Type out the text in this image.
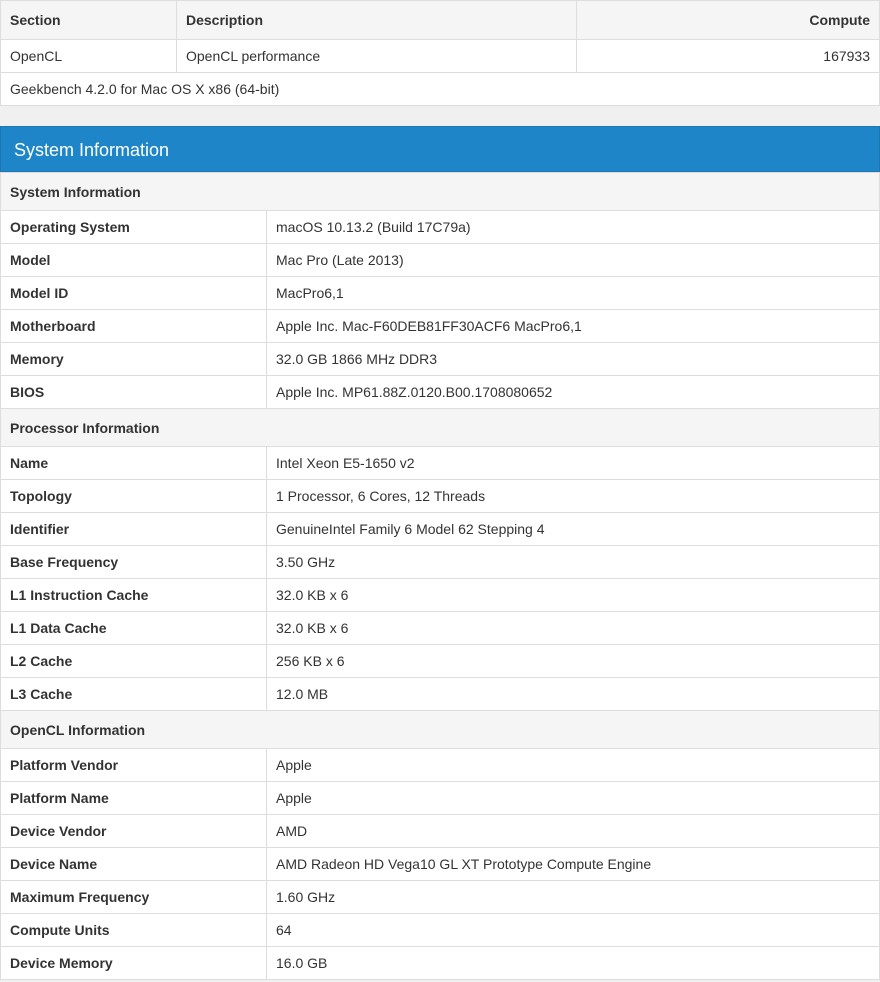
Section	Description	Compute
OpenCL	OpenCL performance	167933
Geekbench 4.2.0 for Mac OS X x86 (64-bit)		
System Information
System Information	
Operating System	macOS 10.13.2 (Build 17C79a)
Model	Mac Pro (Late 2013)
Model ID	MacPro6,1
Motherboard	Apple Inc. Mac-F60DEB81FF30ACF6 MacPro6,1
Memory	32.0 GB 1866 MHz DDR3
BIOS	Apple Inc. MP61.88Z.0120.B00.1708080652
Processor Information	
Name	Intel Xeon E5-1650 v2
Topology	1 Processor, 6 Cores, 12 Threads
Identifier	GenuineIntel Family 6 Model 62 Stepping 4
Base Frequency	3.50 GHz
L1 Instruction Cache	32.0 KB x 6
L1 Data Cache	32.0 KB x 6
L2 Cache	256 KB x 6
L3 Cache	12.0 MB
OpenCL Information	
Platform Vendor	Apple
Platform Name	Apple
Device Vendor	AMD
Device Name	AMD Radeon HD Vega10 GL XT Prototype Compute Engine
Maximum Frequency	1.60 GHz
Compute Units	64
Device Memory	16.0 GB
